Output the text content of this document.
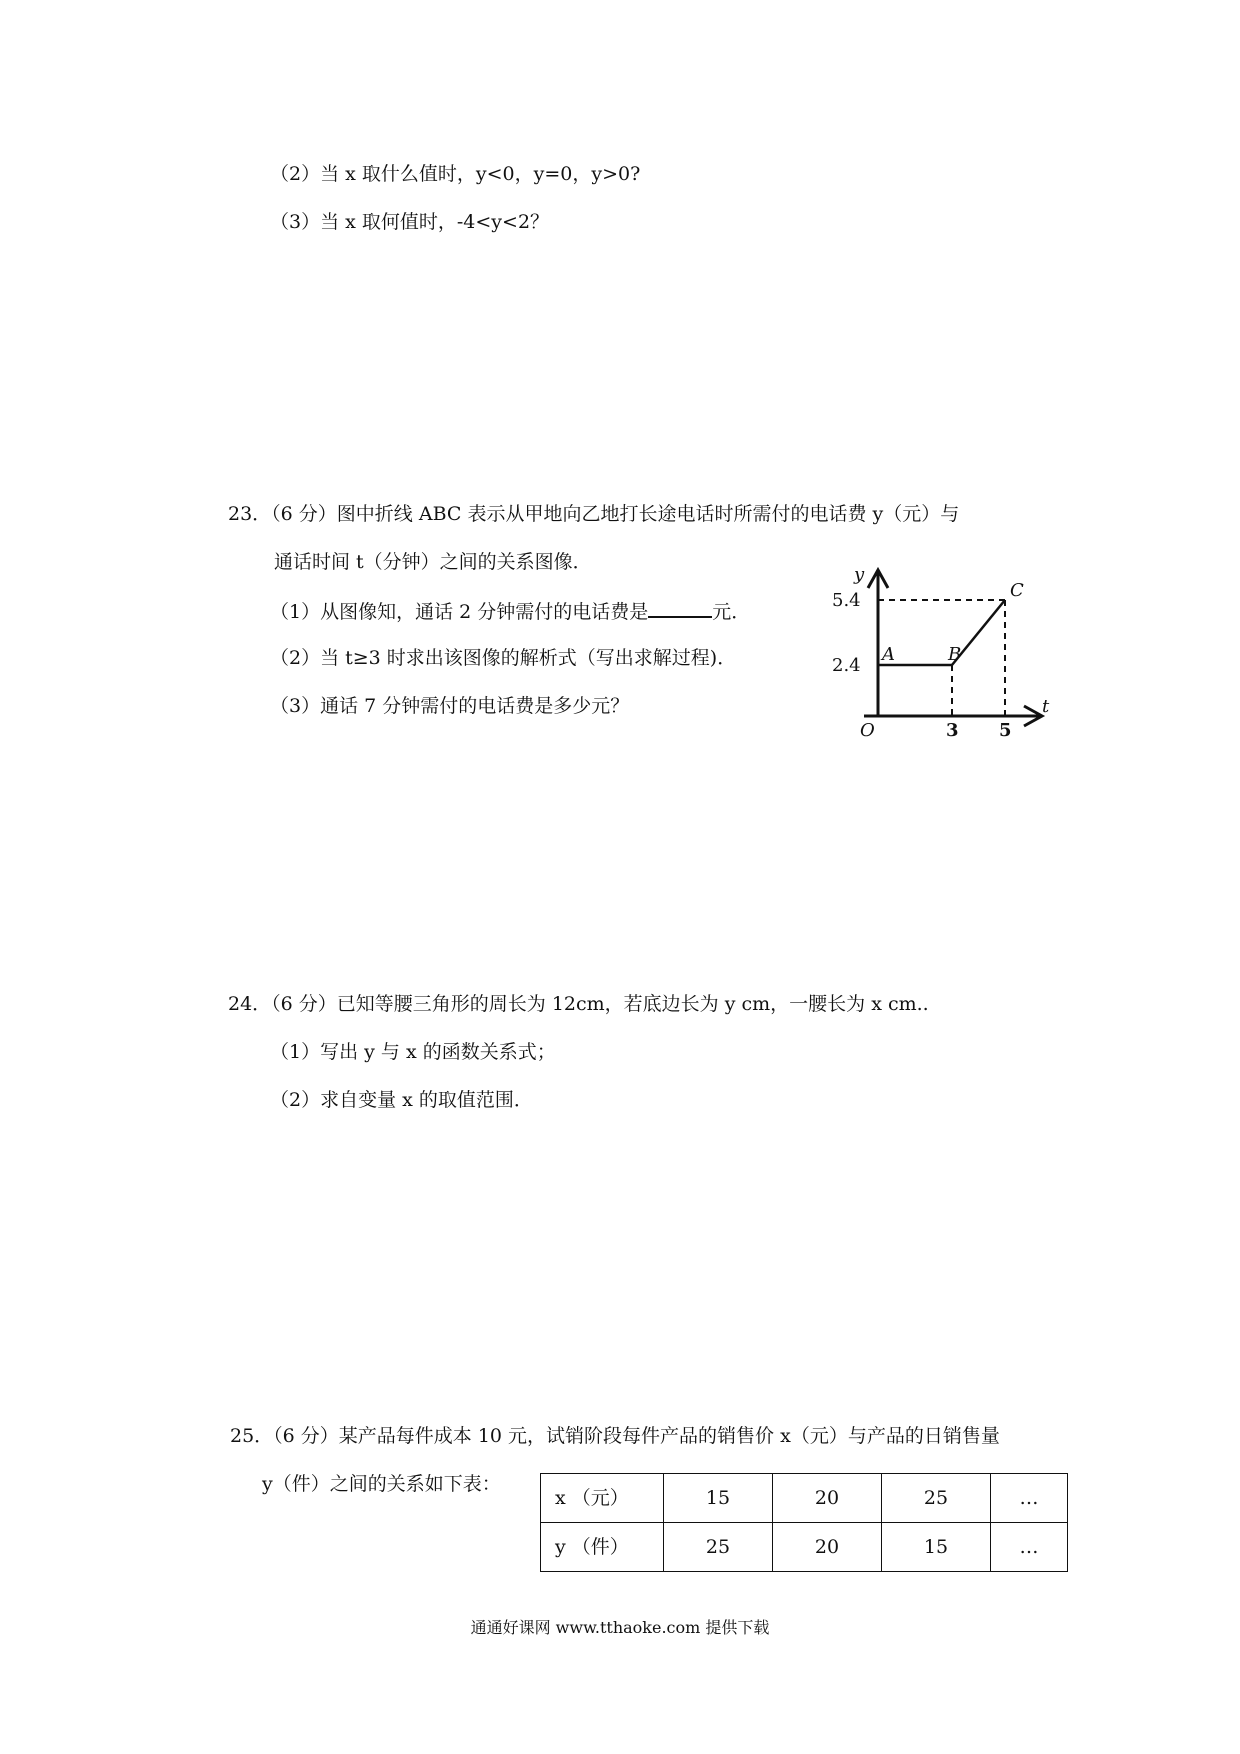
（2）当 x 取什么值时，y<0，y=0，y>0?
（3）当 x 取何值时，-4<y<2？
23．（6 分）图中折线 ABC 表示从甲地向乙地打长途电话时所需付的电话费 y（元）与
通话时间 t（分钟）之间的关系图像．
（1）从图像知，通话 2 分钟需付的电话费是	元．
（2）当 t≥3 时求出该图像的解析式（写出求解过程)．
（3）通话 7 分钟需付的电话费是多少元？
y
t
O
5.4
2.4
3 5
A	B
C
24．（6 分）已知等腰三角形的周长为 12cm，若底边长为 y cm，一腰长为 x cm..
（1）写出 y 与 x 的函数关系式；
（2）求自变量 x 的取值范围．
25．（6 分）某产品每件成本 10 元，试销阶段每件产品的销售价 x（元）与产品的日销售量
y（件）之间的关系如下表：
x （元）	15	20	25	…
y （件）	25	20	15	…
通通好课网 www.tthaoke.com 提供下载
